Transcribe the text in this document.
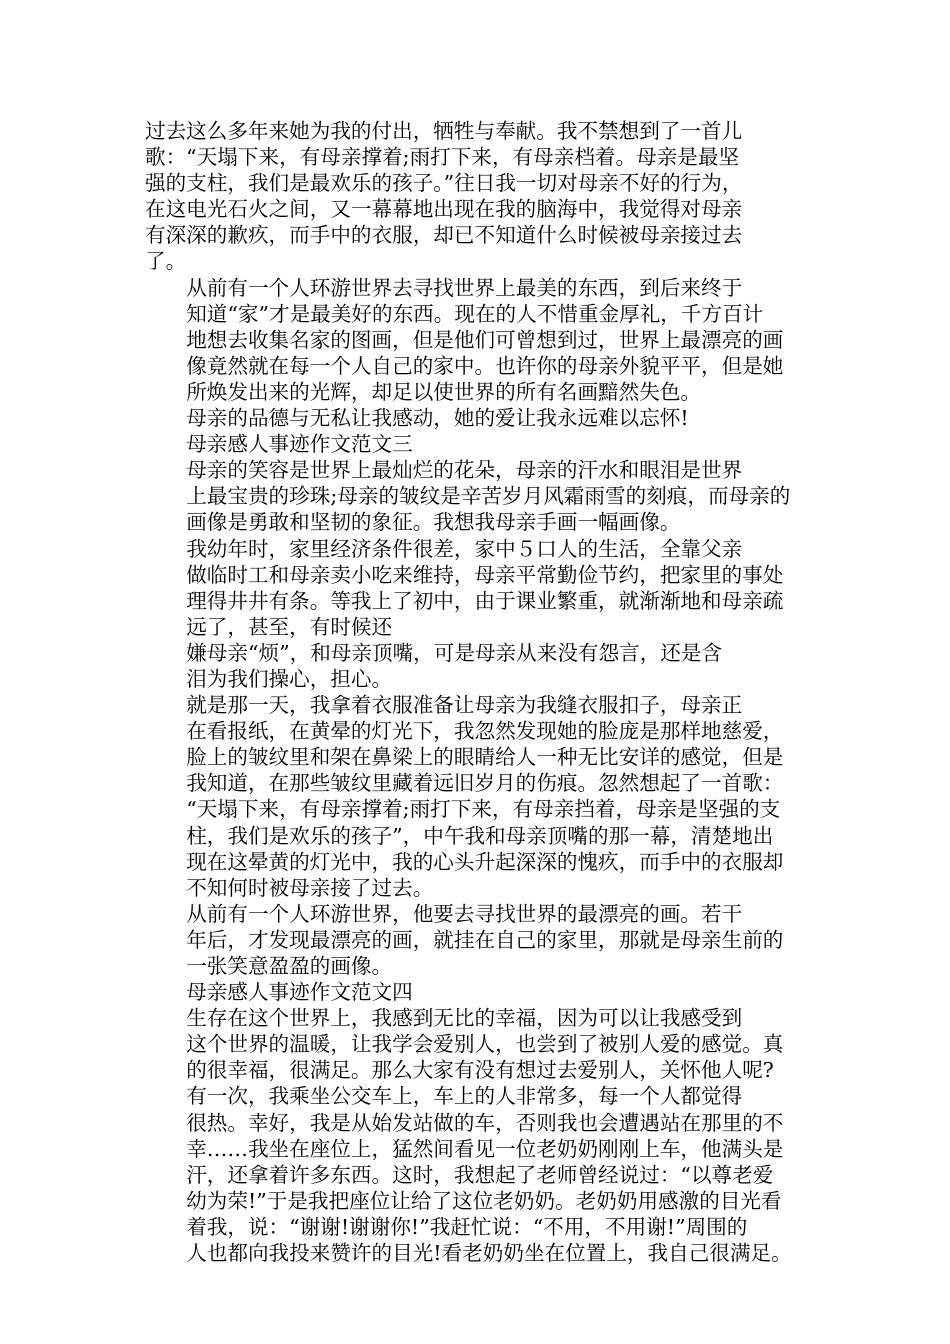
过去这么多年来她为我的付出，牺牲与奉献。我不禁想到了一首儿
歌：“天塌下来，有母亲撑着;雨打下来，有母亲档着。母亲是最坚
强的支柱，我们是最欢乐的孩子。”往日我一切对母亲不好的行为，
在这电光石火之间，又一幕幕地出现在我的脑海中，我觉得对母亲
有深深的歉疚，而手中的衣服，却已不知道什么时候被母亲接过去
了。
从前有一个人环游世界去寻找世界上最美的东西，到后来终于
知道“家”才是最美好的东西。现在的人不惜重金厚礼，千方百计
地想去收集名家的图画，但是他们可曾想到过，世界上最漂亮的画
像竟然就在每一个人自己的家中。也许你的母亲外貌平平，但是她
所焕发出来的光辉，却足以使世界的所有名画黯然失色。
母亲的品德与无私让我感动，她的爱让我永远难以忘怀!
母亲感人事迹作文范文三
母亲的笑容是世界上最灿烂的花朵，母亲的汗水和眼泪是世界
上最宝贵的珍珠;母亲的皱纹是辛苦岁月风霜雨雪的刻痕，而母亲的
画像是勇敢和坚韧的象征。我想我母亲手画一幅画像。
我幼年时，家里经济条件很差，家中５口人的生活，全靠父亲
做临时工和母亲卖小吃来维持，母亲平常勤俭节约，把家里的事处
理得井井有条。等我上了初中，由于课业繁重，就渐渐地和母亲疏
远了，甚至，有时候还
嫌母亲“烦”，和母亲顶嘴，可是母亲从来没有怨言，还是含
泪为我们操心，担心。
就是那一天，我拿着衣服准备让母亲为我缝衣服扣子，母亲正
在看报纸，在黄晕的灯光下，我忽然发现她的脸庞是那样地慈爱，
脸上的皱纹里和架在鼻梁上的眼睛给人一种无比安详的感觉，但是
我知道，在那些皱纹里藏着远旧岁月的伤痕。忽然想起了一首歌：
“天塌下来，有母亲撑着;雨打下来，有母亲挡着，母亲是坚强的支
柱，我们是欢乐的孩子”，中午我和母亲顶嘴的那一幕，清楚地出
现在这晕黄的灯光中，我的心头升起深深的愧疚，而手中的衣服却
不知何时被母亲接了过去。
从前有一个人环游世界，他要去寻找世界的最漂亮的画。若干
年后，才发现最漂亮的画，就挂在自己的家里，那就是母亲生前的
一张笑意盈盈的画像。
母亲感人事迹作文范文四
生存在这个世界上，我感到无比的幸福，因为可以让我感受到
这个世界的温暖，让我学会爱别人，也尝到了被别人爱的感觉。真
的很幸福，很满足。那么大家有没有想过去爱别人，关怀他人呢?
有一次，我乘坐公交车上，车上的人非常多，每一个人都觉得
很热。幸好，我是从始发站做的车，否则我也会遭遇站在那里的不
幸……我坐在座位上，猛然间看见一位老奶奶刚刚上车，他满头是
汗，还拿着许多东西。这时，我想起了老师曾经说过：“以尊老爱
幼为荣!”于是我把座位让给了这位老奶奶。老奶奶用感激的目光看
着我，说：“谢谢!谢谢你!”我赶忙说：“不用，不用谢!”周围的
人也都向我投来赞许的目光!看老奶奶坐在位置上，我自己很满足。
